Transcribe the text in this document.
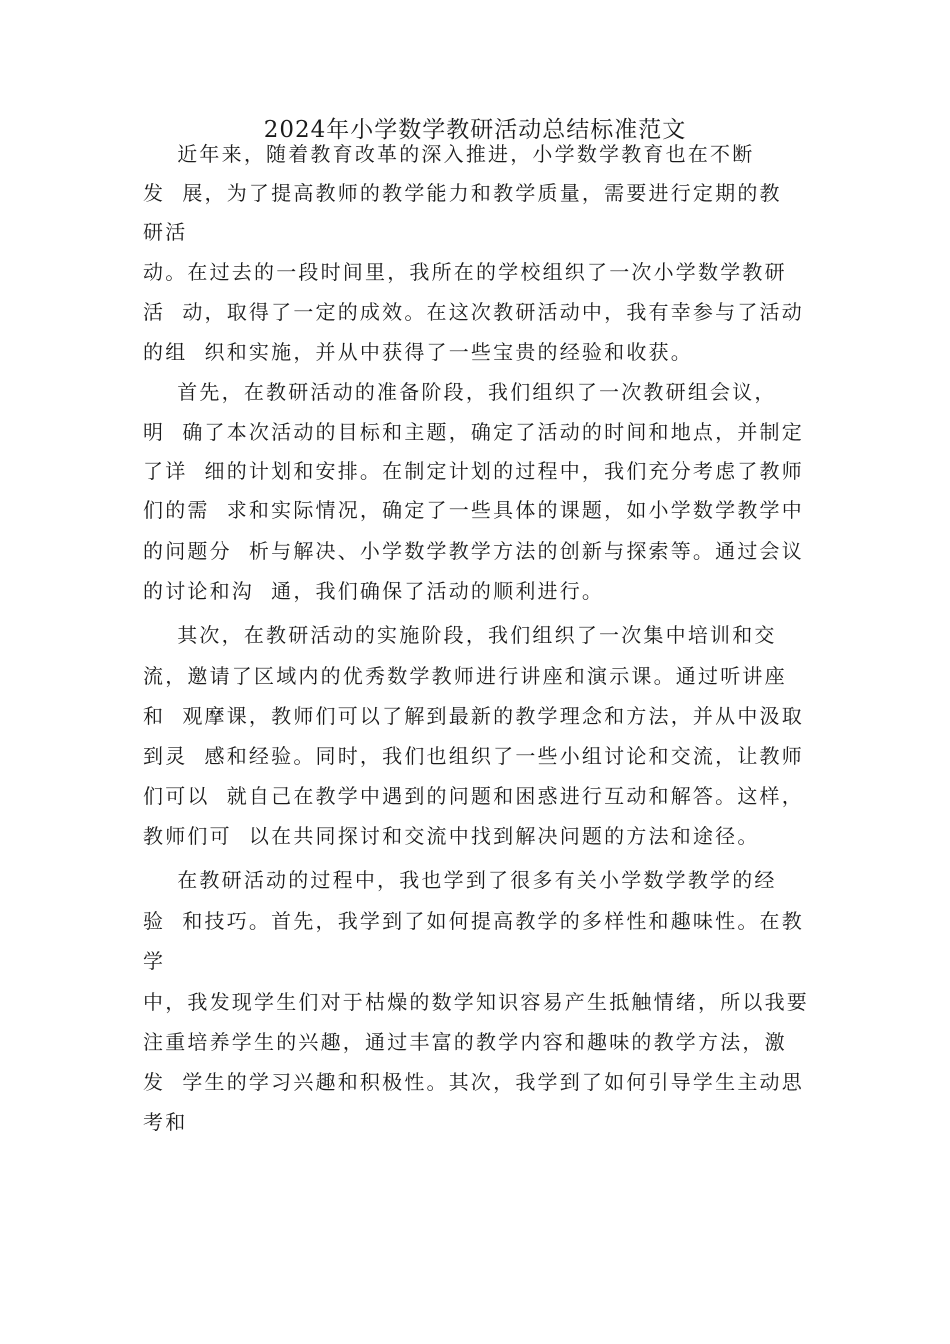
2024年小学数学教研活动总结标准范文
近年来，随着教育改革的深入推进，小学数学教育也在不断
发  展，为了提高教师的教学能力和教学质量，需要进行定期的教
研活
动。在过去的一段时间里，我所在的学校组织了一次小学数学教研
活  动，取得了一定的成效。在这次教研活动中，我有幸参与了活动
的组  织和实施，并从中获得了一些宝贵的经验和收获。
首先，在教研活动的准备阶段，我们组织了一次教研组会议，
明  确了本次活动的目标和主题，确定了活动的时间和地点，并制定
了详  细的计划和安排。在制定计划的过程中，我们充分考虑了教师
们的需  求和实际情况，确定了一些具体的课题，如小学数学教学中
的问题分  析与解决、小学数学教学方法的创新与探索等。通过会议
的讨论和沟  通，我们确保了活动的顺利进行。
其次，在教研活动的实施阶段，我们组织了一次集中培训和交
流，邀请了区域内的优秀数学教师进行讲座和演示课。通过听讲座
和  观摩课，教师们可以了解到最新的教学理念和方法，并从中汲取
到灵  感和经验。同时，我们也组织了一些小组讨论和交流，让教师
们可以  就自己在教学中遇到的问题和困惑进行互动和解答。这样，
教师们可  以在共同探讨和交流中找到解决问题的方法和途径。
在教研活动的过程中，我也学到了很多有关小学数学教学的经
验  和技巧。首先，我学到了如何提高教学的多样性和趣味性。在教
学
中，我发现学生们对于枯燥的数学知识容易产生抵触情绪，所以我要
注重培养学生的兴趣，通过丰富的教学内容和趣味的教学方法，激
发  学生的学习兴趣和积极性。其次，我学到了如何引导学生主动思
考和
